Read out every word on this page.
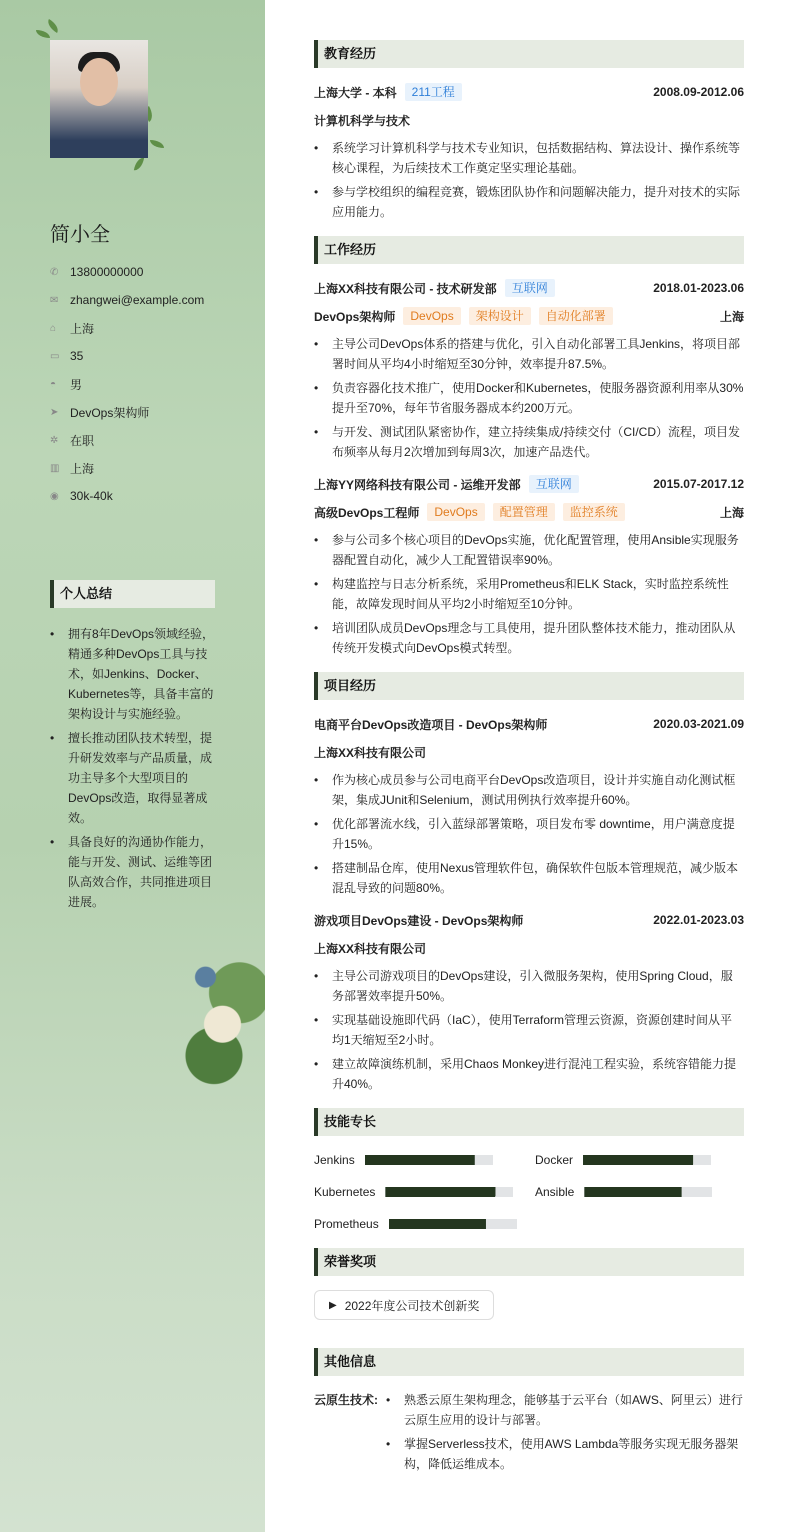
简小全
✆ 13800000000
✉ zhangwei@example.com
⌂	上海
▭ 35
◓	男
➤ DevOps架构师
✲ 在职
▥ 上海
◉ 30k-40k
个人总结
• 拥有8年DevOps领域经验，精通多种DevOps工具与技术，如Jenkins、Docker、Kubernetes等，具备丰富的架构设计与实施经验。
• 擅长推动团队技术转型，提升研发效率与产品质量，成功主导多个大型项目的DevOps改造，取得显著成效。
• 具备良好的沟通协作能力，能与开发、测试、运维等团队高效合作，共同推进项目进展。
教育经历
上海大学 - 本科	211工程	2008.09-2012.06
计算机科学与技术
• 系统学习计算机科学与技术专业知识，包括数据结构、算法设计、操作系统等核心课程，为后续技术工作奠定坚实理论基础。
• 参与学校组织的编程竞赛，锻炼团队协作和问题解决能力，提升对技术的实际应用能力。
工作经历
上海XX科技有限公司 - 技术研发部	互联网	2018.01-2023.06
DevOps架构师	DevOps	架构设计	自动化部署	上海
• 主导公司DevOps体系的搭建与优化，引入自动化部署工具Jenkins，将项目部署时间从平均4小时缩短至30分钟，效率提升87.5%。
• 负责容器化技术推广，使用Docker和Kubernetes，使服务器资源利用率从30%提升至70%，每年节省服务器成本约200万元。
• 与开发、测试团队紧密协作，建立持续集成/持续交付（CI/CD）流程，项目发布频率从每月2次增加到每周3次，加速产品迭代。
上海YY网络科技有限公司 - 运维开发部	互联网	2015.07-2017.12
高级DevOps工程师	DevOps	配置管理	监控系统	上海
• 参与公司多个核心项目的DevOps实施，优化配置管理，使用Ansible实现服务器配置自动化，减少人工配置错误率90%。
• 构建监控与日志分析系统，采用Prometheus和ELK Stack，实时监控系统性能，故障发现时间从平均2小时缩短至10分钟。
• 培训团队成员DevOps理念与工具使用，提升团队整体技术能力，推动团队从传统开发模式向DevOps模式转型。
项目经历
电商平台DevOps改造项目 - DevOps架构师	2020.03-2021.09
上海XX科技有限公司
• 作为核心成员参与公司电商平台DevOps改造项目，设计并实施自动化测试框架，集成JUnit和Selenium，测试用例执行效率提升60%。
• 优化部署流水线，引入蓝绿部署策略，项目发布零 downtime，用户满意度提升15%。
• 搭建制品仓库，使用Nexus管理软件包，确保软件包版本管理规范，减少版本混乱导致的问题80%。
游戏项目DevOps建设 - DevOps架构师	2022.01-2023.03
上海XX科技有限公司
• 主导公司游戏项目的DevOps建设，引入微服务架构，使用Spring Cloud，服务部署效率提升50%。
• 实现基础设施即代码（IaC），使用Terraform管理云资源，资源创建时间从平均1天缩短至2小时。
• 建立故障演练机制，采用Chaos Monkey进行混沌工程实验，系统容错能力提升40%。
技能专长
Jenkins	Docker
Kubernetes	Ansible
Prometheus
荣誉奖项
▶ 2022年度公司技术创新奖
其他信息
云原生技术:	• 熟悉云原生架构理念，能够基于云平台（如AWS、阿里云）进行云原生应用的设计与部署。
• 掌握Serverless技术，使用AWS Lambda等服务实现无服务器架构，降低运维成本。
